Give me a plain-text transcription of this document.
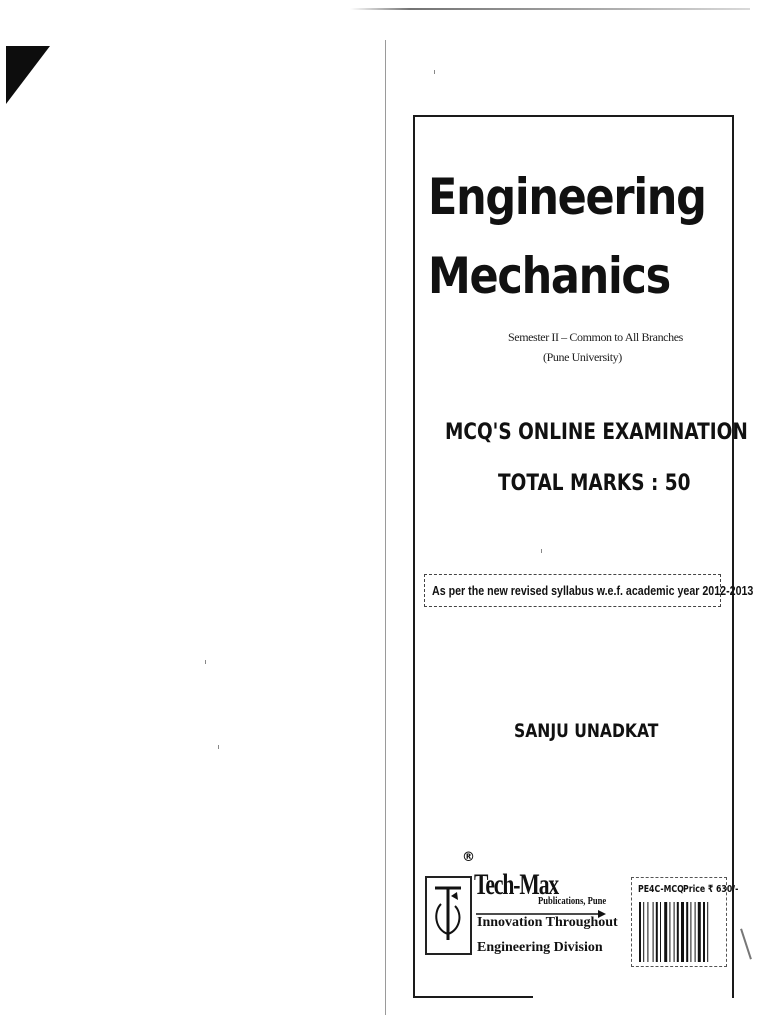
Engineering
Mechanics
Semester II – Common to All Branches
(Pune University)
MCQ'S ONLINE EXAMINATION
TOTAL MARKS : 50
As per the new revised syllabus w.e.f. academic year 2012-2013
SANJU UNADKAT
®
Tech-Max
Publications, Pune
Innovation Throughout
Engineering Division
PE4C-MCQ Price ₹ 630/-
